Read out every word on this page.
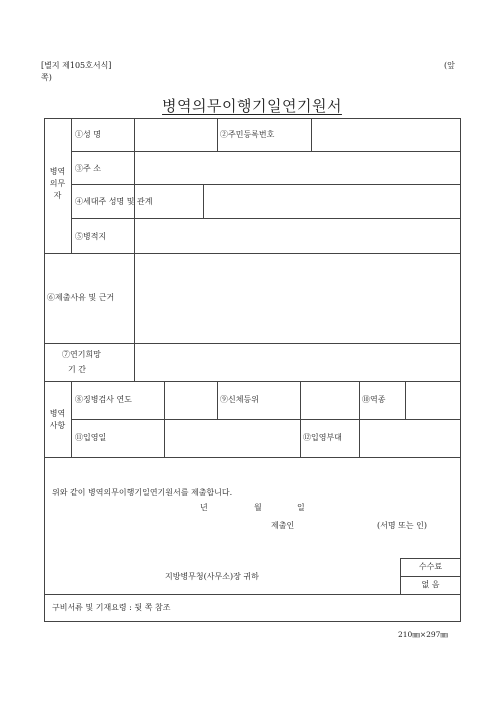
[별지 제105호서식]	(앞
쪽)
병역의무이행기일연기원서
병역
의무
자
①성 명	②주민등록번호
③주 소
④세대주 성명 및 관계
⑤병적지
⑥제출사유 및 근거
⑦연기희망
기 간
병역
사항
⑧징병검사 연도	⑨신체등위	⑩역종
⑪입영일	⑫입영부대
위와 같이 병역의무이행기일연기원서를 제출합니다.
년	월	일
제출인	(서명 또는 인)
지방병무청(사무소)장 귀하
수수료
없 음
구비서류 및 기재요령 : 뒷 쪽 참조
210㎜×297㎜
